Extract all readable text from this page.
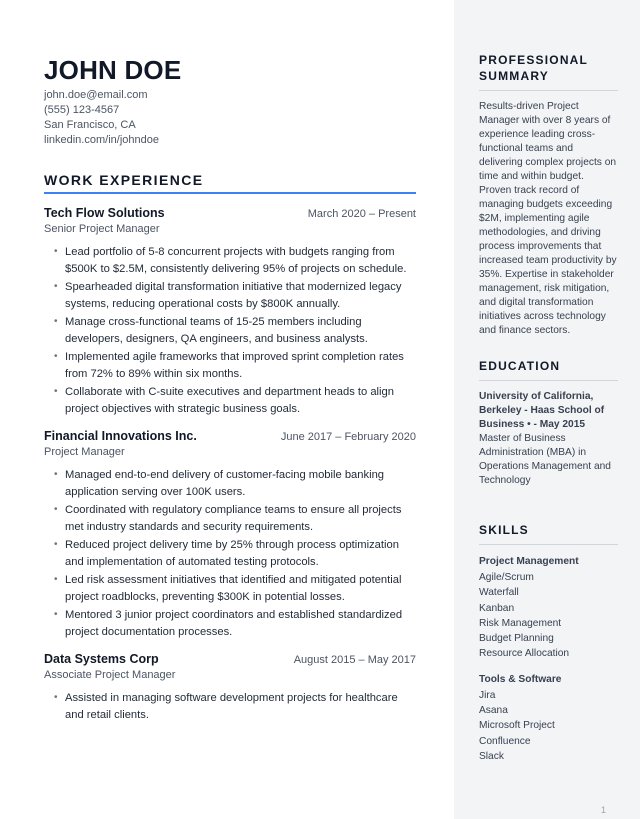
JOHN DOE
john.doe@email.com
(555) 123-4567
San Francisco, CA
linkedin.com/in/johndoe
WORK EXPERIENCE
Tech Flow Solutions	March 2020 – Present
Senior Project Manager
• Lead portfolio of 5-8 concurrent projects with budgets ranging from $500K to $2.5M, consistently delivering 95% of projects on schedule.
• Spearheaded digital transformation initiative that modernized legacy systems, reducing operational costs by $800K annually.
• Manage cross-functional teams of 15-25 members including developers, designers, QA engineers, and business analysts.
• Implemented agile frameworks that improved sprint completion rates from 72% to 89% within six months.
• Collaborate with C-suite executives and department heads to align project objectives with strategic business goals.
Financial Innovations Inc.	June 2017 – February 2020
Project Manager
• Managed end-to-end delivery of customer-facing mobile banking application serving over 100K users.
• Coordinated with regulatory compliance teams to ensure all projects met industry standards and security requirements.
• Reduced project delivery time by 25% through process optimization and implementation of automated testing protocols.
• Led risk assessment initiatives that identified and mitigated potential project roadblocks, preventing $300K in potential losses.
• Mentored 3 junior project coordinators and established standardized project documentation processes.
Data Systems Corp	August 2015 – May 2017
Associate Project Manager
• Assisted in managing software development projects for healthcare and retail clients.
PROFESSIONAL SUMMARY
Results-driven Project Manager with over 8 years of experience leading cross-functional teams and delivering complex projects on time and within budget. Proven track record of managing budgets exceeding $2M, implementing agile methodologies, and driving process improvements that increased team productivity by 35%. Expertise in stakeholder management, risk mitigation, and digital transformation initiatives across technology and finance sectors.
EDUCATION
University of California, Berkeley - Haas School of Business • - May 2015
Master of Business Administration (MBA) in Operations Management and Technology
SKILLS
Project Management
Agile/Scrum
Waterfall
Kanban
Risk Management
Budget Planning
Resource Allocation
Tools & Software
Jira
Asana
Microsoft Project
Confluence
Slack
1
